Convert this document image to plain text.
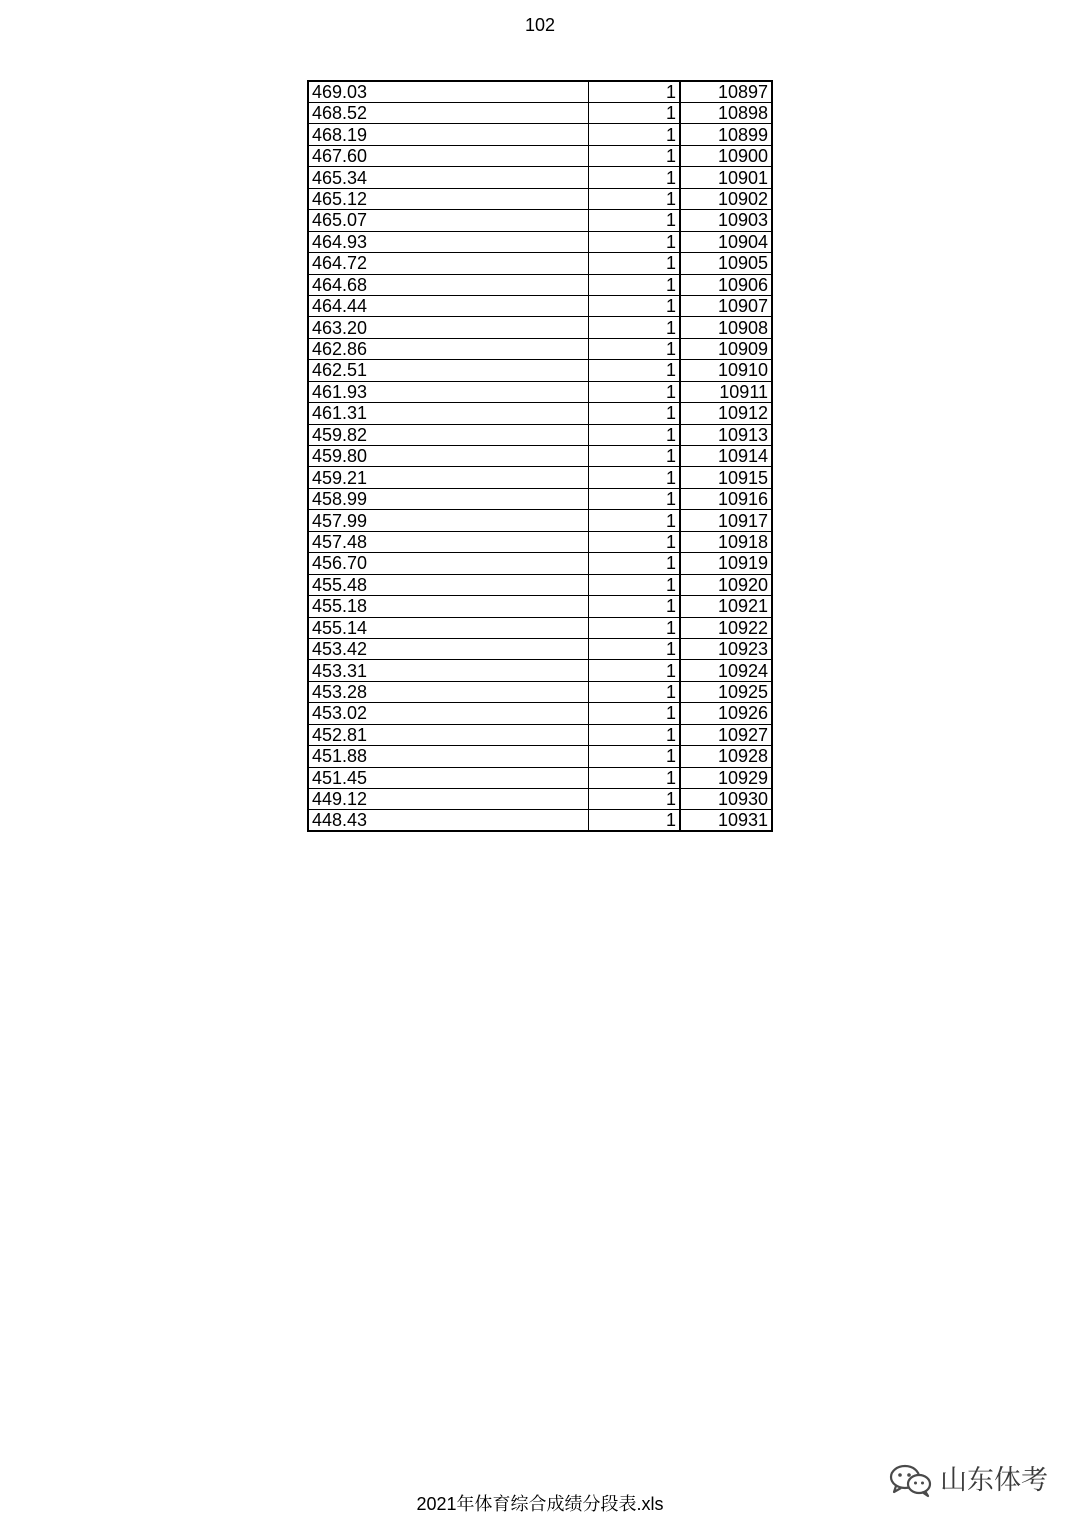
102
469.03	1	10897
468.52	1	10898
468.19	1	10899
467.60	1	10900
465.34	1	10901
465.12	1	10902
465.07	1	10903
464.93	1	10904
464.72	1	10905
464.68	1	10906
464.44	1	10907
463.20	1	10908
462.86	1	10909
462.51	1	10910
461.93	1	10911
461.31	1	10912
459.82	1	10913
459.80	1	10914
459.21	1	10915
458.99	1	10916
457.99	1	10917
457.48	1	10918
456.70	1	10919
455.48	1	10920
455.18	1	10921
455.14	1	10922
453.42	1	10923
453.31	1	10924
453.28	1	10925
453.02	1	10926
452.81	1	10927
451.88	1	10928
451.45	1	10929
449.12	1	10930
448.43	1	10931
2021年体育综合成绩分段表.xls
山东体考
